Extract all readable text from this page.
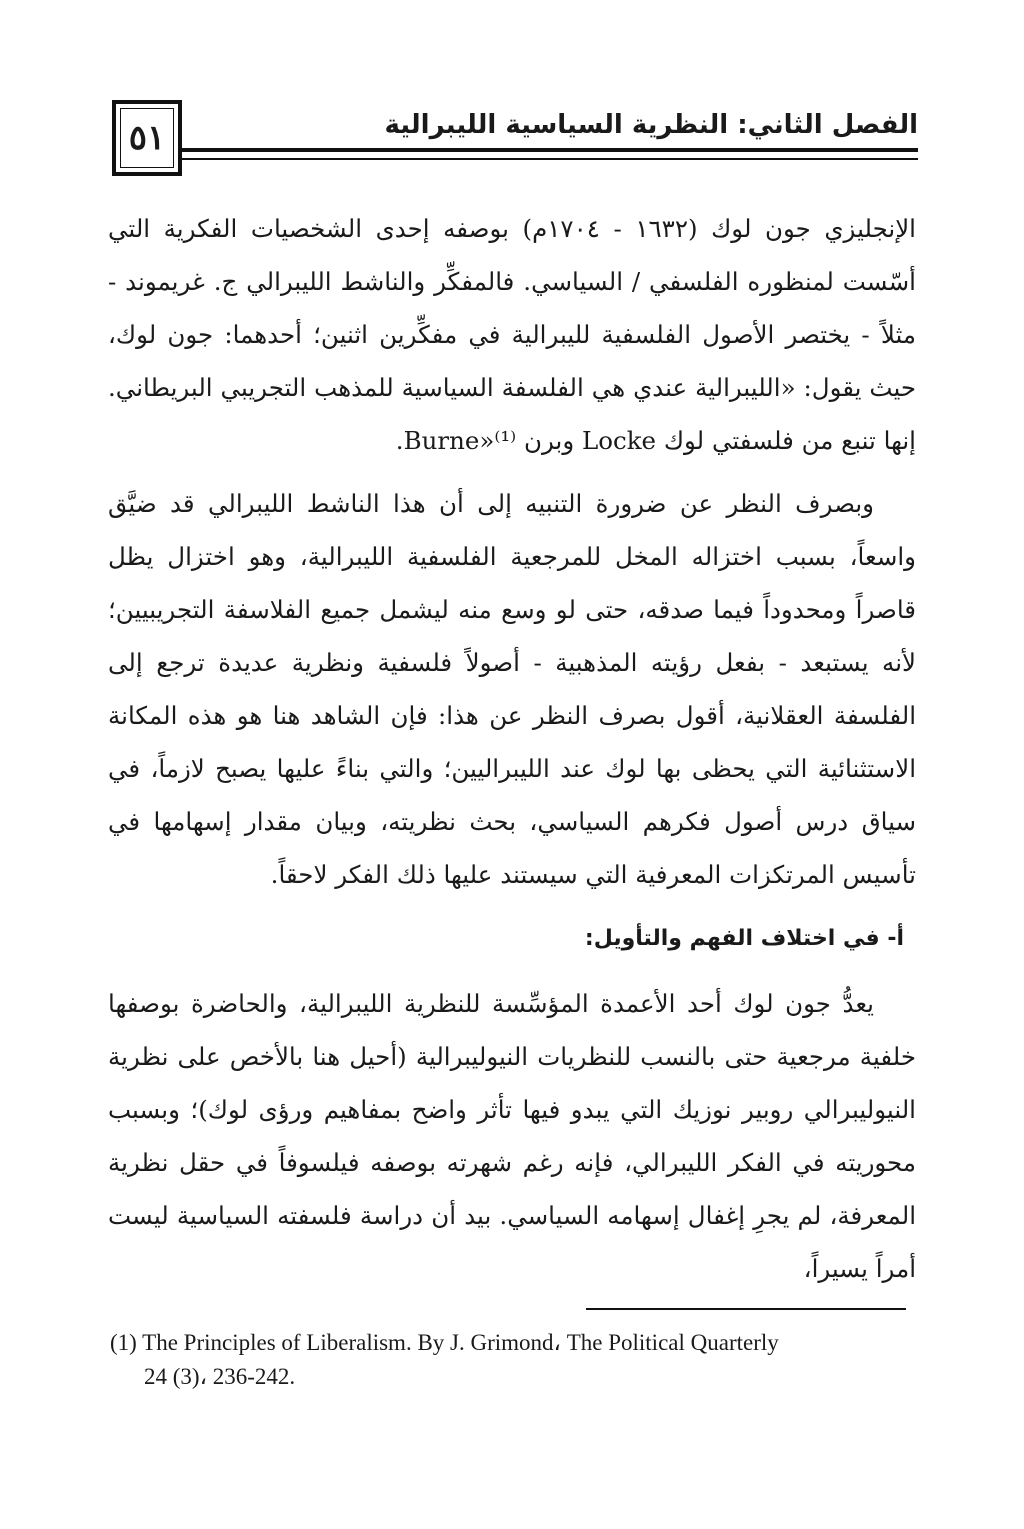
٥١	الفصل الثاني: النظرية السياسية الليبرالية

الإنجليزي جون لوك (١٦٣٢ - ١٧٠٤م) بوصفه إحدى الشخصيات الفكرية التي أسّست لمنظوره الفلسفي / السياسي. فالمفكِّر والناشط الليبرالي ج. غريموند - مثلاً - يختصر الأصول الفلسفية لليبرالية في مفكِّرين اثنين؛ أحدهما: جون لوك، حيث يقول: «الليبرالية عندي هي الفلسفة السياسية للمذهب التجريبي البريطاني. إنها تنبع من فلسفتي لوك Locke وبرن Burne»⁽¹⁾.

وبصرف النظر عن ضرورة التنبيه إلى أن هذا الناشط الليبرالي قد ضيَّق واسعاً، بسبب اختزاله المخل للمرجعية الفلسفية الليبرالية، وهو اختزال يظل قاصراً ومحدوداً فيما صدقه، حتى لو وسع منه ليشمل جميع الفلاسفة التجريبيين؛ لأنه يستبعد - بفعل رؤيته المذهبية - أصولاً فلسفية ونظرية عديدة ترجع إلى الفلسفة العقلانية، أقول بصرف النظر عن هذا: فإن الشاهد هنا هو هذه المكانة الاستثنائية التي يحظى بها لوك عند الليبراليين؛ والتي بناءً عليها يصبح لازماً، في سياق درس أصول فكرهم السياسي، بحث نظريته، وبيان مقدار إسهامها في تأسيس المرتكزات المعرفية التي سيستند عليها ذلك الفكر لاحقاً.

أ- في اختلاف الفهم والتأويل:

يعدُّ جون لوك أحد الأعمدة المؤسِّسة للنظرية الليبرالية، والحاضرة بوصفها خلفية مرجعية حتى بالنسب للنظريات النيوليبرالية (أحيل هنا بالأخص على نظرية النيوليبرالي روبير نوزيك التي يبدو فيها تأثر واضح بمفاهيم ورؤى لوك)؛ وبسبب محوريته في الفكر الليبرالي، فإنه رغم شهرته بوصفه فيلسوفاً في حقل نظرية المعرفة، لم يجرِ إغفال إسهامه السياسي. بيد أن دراسة فلسفته السياسية ليست أمراً يسيراً،

(1) The Principles of Liberalism. By J. Grimond، The Political Quarterly
24 (3)، 236-242.
